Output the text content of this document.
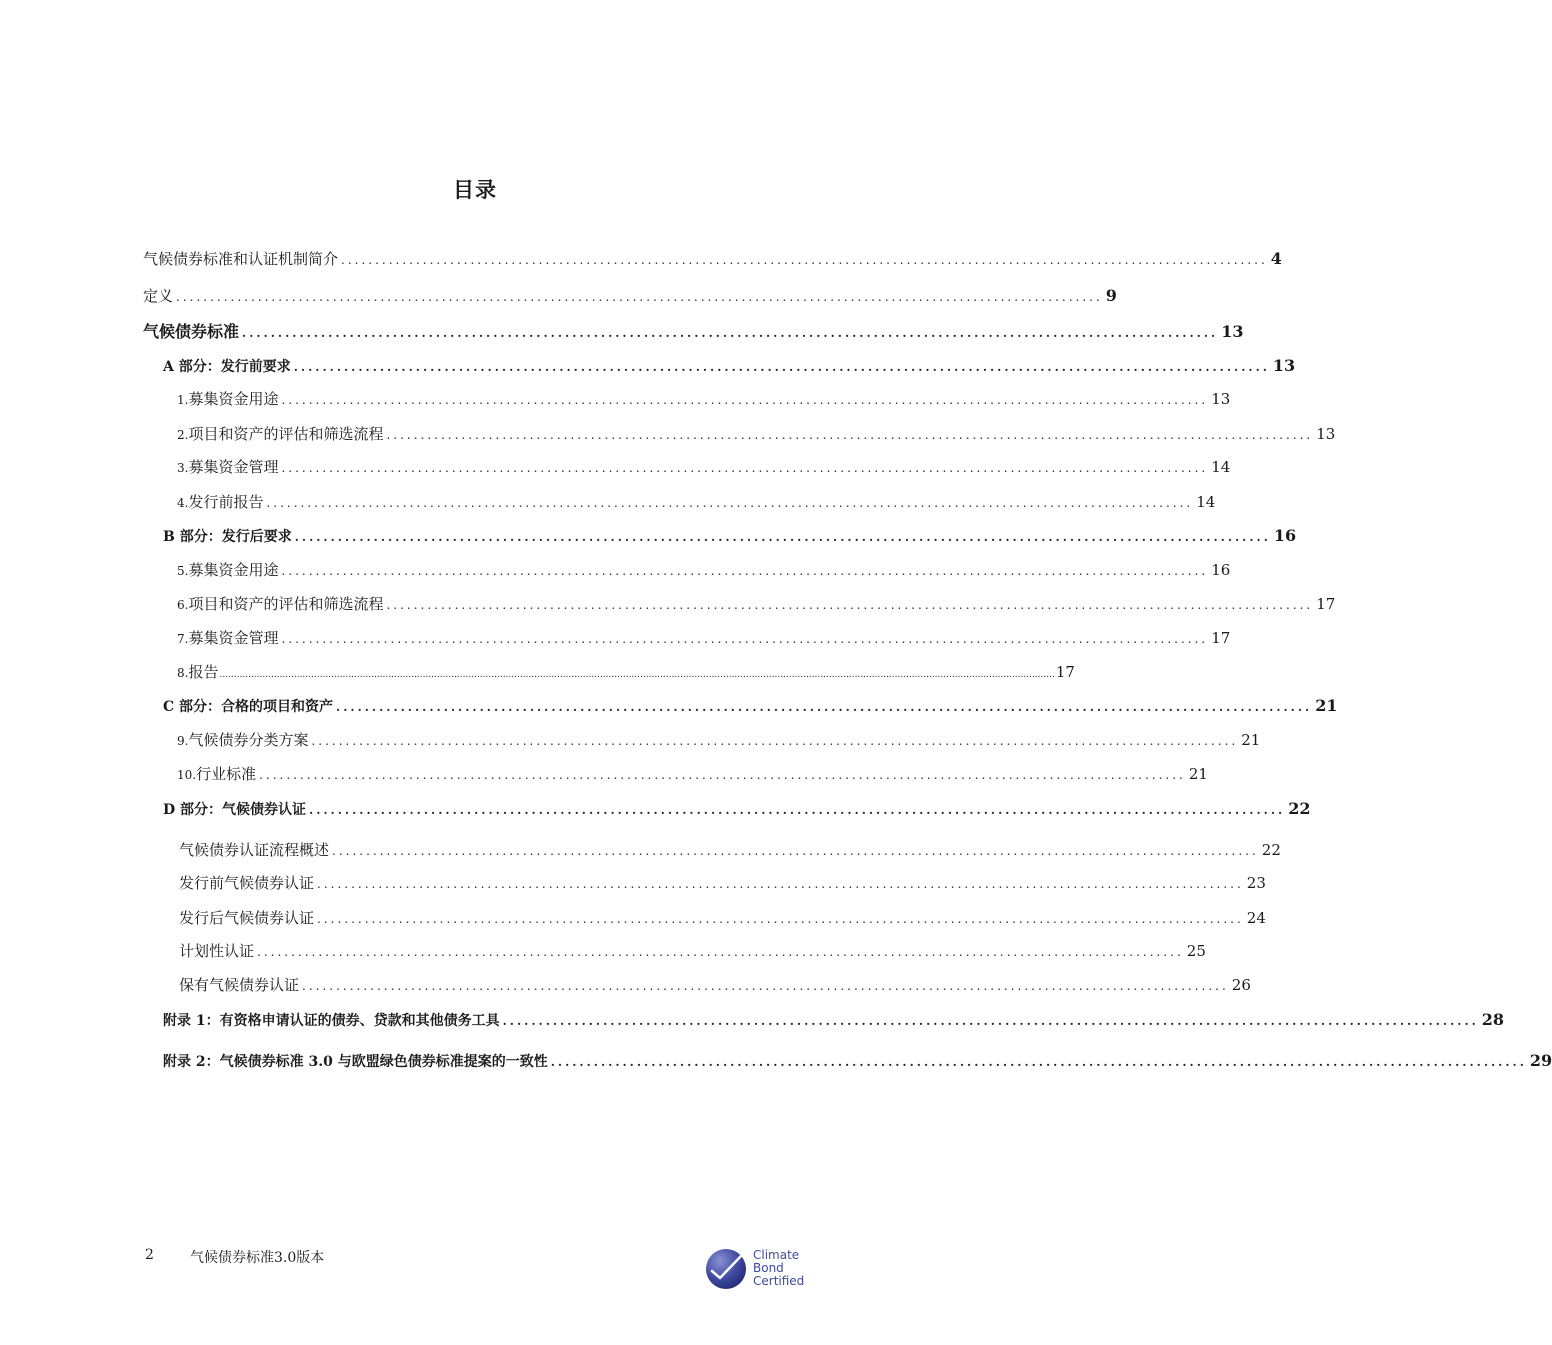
目录
气候债券标准和认证机制简介 ........................................................................................................................................ 4
定义 ........................................................................................................................................ 9
气候债券标准 ........................................................................................................................................ 13
A 部分：发行前要求 ........................................................................................................................................ 13
1. 募集资金用途 ........................................................................................................................................ 13
2. 项目和资产的评估和筛选流程 ........................................................................................................................................ 13
3. 募集资金管理 ........................................................................................................................................ 14
4. 发行前报告 ........................................................................................................................................ 14
B 部分：发行后要求 ........................................................................................................................................ 16
5. 募集资金用途 ........................................................................................................................................ 16
6. 项目和资产的评估和筛选流程 ........................................................................................................................................ 17
7. 募集资金管理 ........................................................................................................................................ 17
8. 报告 .................................................................................................................................................................................................................................................................................................... 17
C 部分：合格的项目和资产 ........................................................................................................................................ 21
9. 气候债券分类方案 ........................................................................................................................................ 21
10. 行业标准 ........................................................................................................................................ 21
D 部分：气候债券认证 ........................................................................................................................................ 22
气候债券认证流程概述 ........................................................................................................................................ 22
发行前气候债券认证 ........................................................................................................................................ 23
发行后气候债券认证 ........................................................................................................................................ 24
计划性认证 ........................................................................................................................................ 25
保有气候债券认证 ........................................................................................................................................ 26
附录 1：有资格申请认证的债券、贷款和其他债务工具 ........................................................................................................................................ 28
附录 2：气候债券标准 3.0 与欧盟绿色债券标准提案的一致性 ........................................................................................................................................ 29
2	气候债券标准3.0版本	Climate
Bond
Certified
